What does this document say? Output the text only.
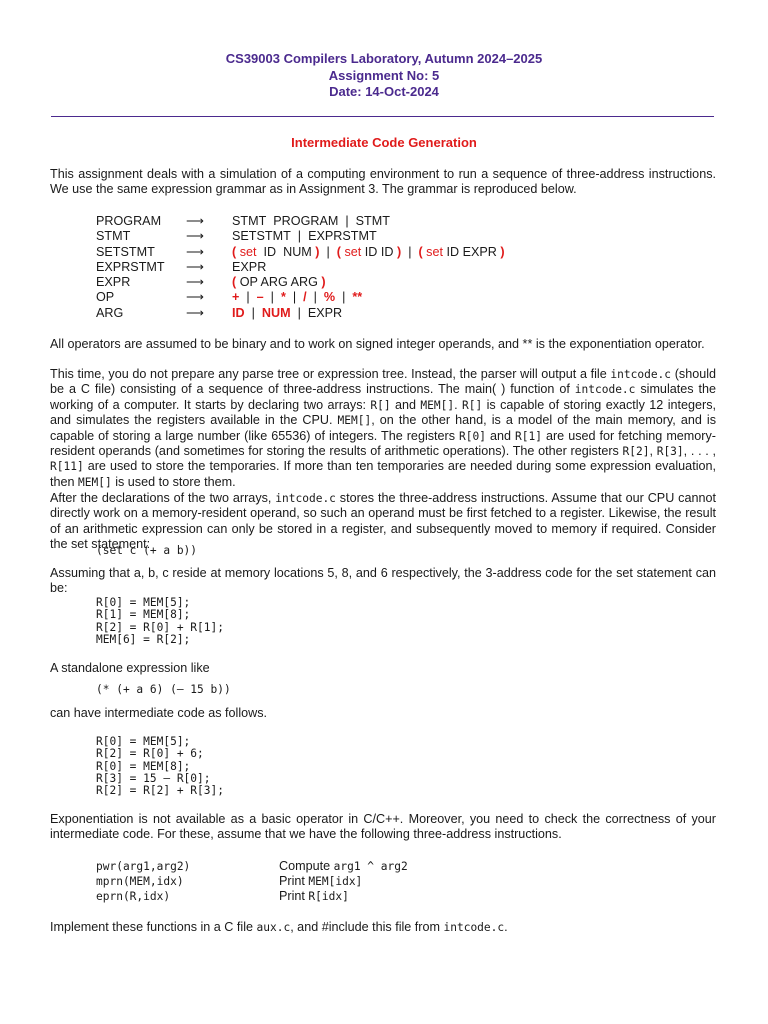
CS39003 Compilers Laboratory, Autumn 2024–2025
Assignment No: 5
Date: 14-Oct-2024
Intermediate Code Generation

This assignment deals with a simulation of a computing environment to run a sequence of three-address instructions. We use the same expression grammar as in Assignment 3. The grammar is reproduced below.

PROGRAM ⟶ STMT PROGRAM | STMT
STMT	⟶ SETSTMT | EXPRSTMT
SETSTMT ⟶ ( set ID NUM ) | ( set ID ID ) | ( set ID EXPR )
EXPRSTMT ⟶ EXPR
EXPR	⟶ ( OP ARG ARG )
OP	⟶ + | – | * | / | % | **
ARG	⟶ ID | NUM | EXPR

All operators are assumed to be binary and to work on signed integer operands, and ** is the exponentiation operator.

This time, you do not prepare any parse tree or expression tree. Instead, the parser will output a file intcode.c (should be a C file) consisting of a sequence of three-address instructions. The main( ) function of intcode.c simulates the working of a computer. It starts by declaring two arrays: R[] and MEM[]. R[] is capable of storing exactly 12 integers, and simulates the registers available in the CPU. MEM[], on the other hand, is a model of the main memory, and is capable of storing a large number (like 65536) of integers. The registers R[0] and R[1] are used for fetching memory-resident operands (and sometimes for storing the results of arithmetic operations). The other registers R[2], R[3], . . . , R[11] are used to store the temporaries. If more than ten temporaries are needed during some expression evaluation, then MEM[] is used to store them.

After the declarations of the two arrays, intcode.c stores the three-address instructions. Assume that our CPU cannot directly work on a memory-resident operand, so such an operand must be first fetched to a register. Likewise, the result of an arithmetic expression can only be stored in a register, and subsequently moved to memory if required. Consider the set statement:

(set c (+ a b))

Assuming that a, b, c reside at memory locations 5, 8, and 6 respectively, the 3-address code for the set statement can be:

R[0] = MEM[5];
R[1] = MEM[8];
R[2] = R[0] + R[1];
MEM[6] = R[2];

A standalone expression like

(* (+ a 6) (– 15 b))

can have intermediate code as follows.

R[0] = MEM[5];
R[2] = R[0] + 6;
R[0] = MEM[8];
R[3] = 15 – R[0];
R[2] = R[2] + R[3];

Exponentiation is not available as a basic operator in C/C++. Moreover, you need to check the correctness of your intermediate code. For these, assume that we have the following three-address instructions.

pwr(arg1,arg2)	Compute arg1 ^ arg2
mprn(MEM,idx)	Print MEM[idx]
eprn(R,idx)	Print R[idx]

Implement these functions in a C file aux.c, and #include this file from intcode.c.
